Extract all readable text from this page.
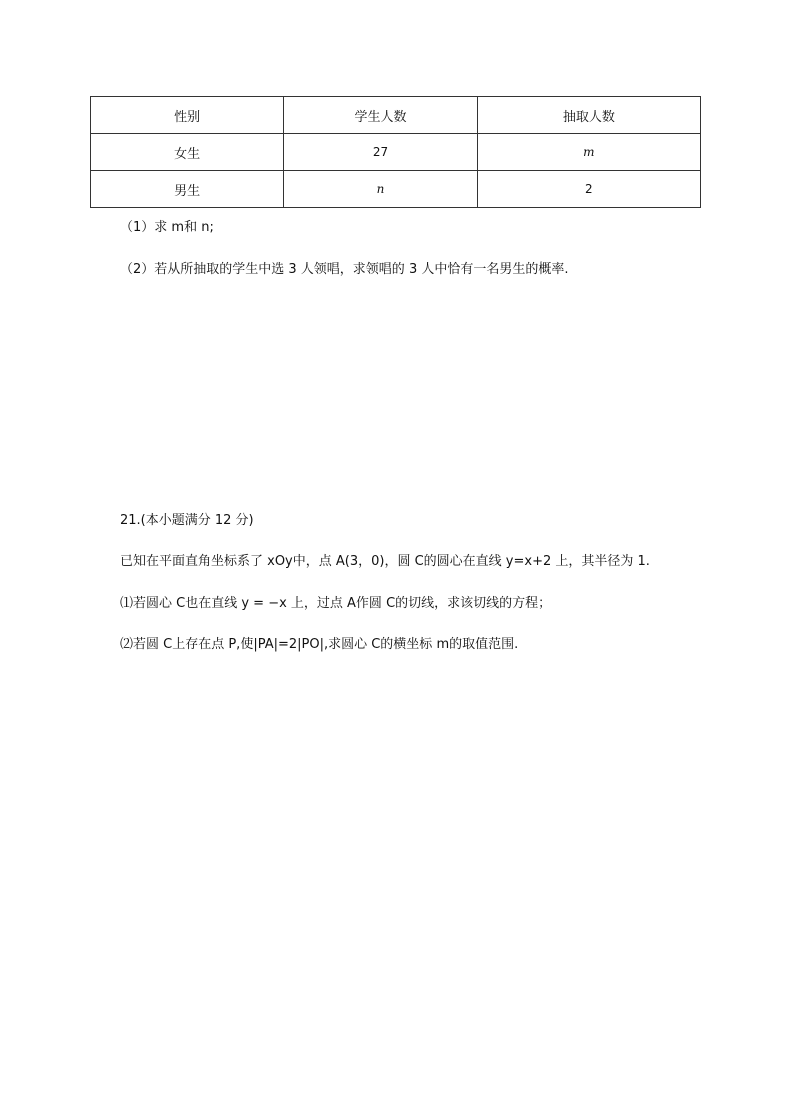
性别	学生人数	抽取人数
女生	27	m
男生	n	2
（1）求 m和 n;
（2）若从所抽取的学生中选 3 人领唱，求领唱的 3 人中恰有一名男生的概率.
21.(本小题满分 12 分)
已知在平面直角坐标系了 xOy中，点 A(3，0)，圆 C的圆心在直线 y=x+2 上，其半径为 1.
⑴若圆心 C也在直线 y = −x 上，过点 A作圆 C的切线，求该切线的方程；
⑵若圆 C上存在点 P,使|PA|=2|PO|,求圆心 C的横坐标 m的取值范围.
